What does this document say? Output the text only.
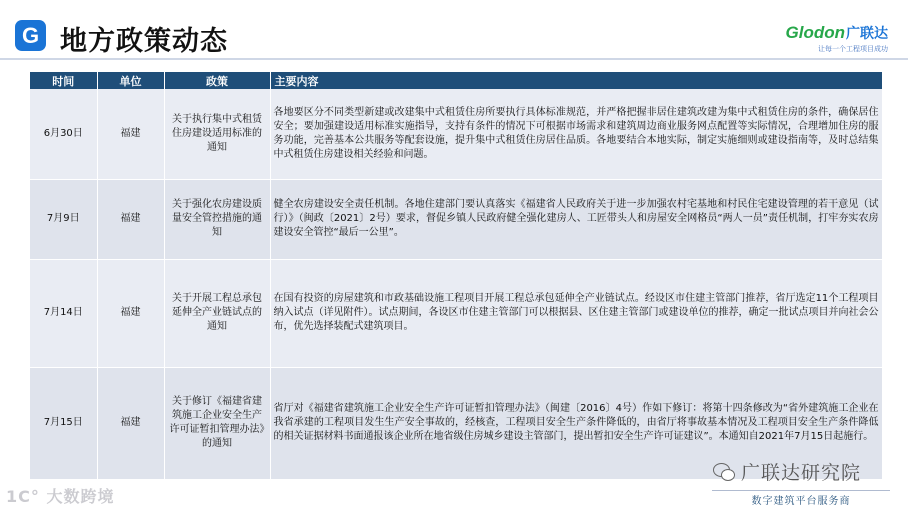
G 地方政策动态	Glodon广联达
让每一个工程项目成功
时间	单位	政策	主要内容
6月30日	福建	关于执行集中式租赁住房建设适用标准的通知	各地要区分不同类型新建或改建集中式租赁住房所要执行具体标准规范，并严格把握非居住建筑改建为集中式租赁住房的条件，确保居住安全；要加强建设适用标准实施指导，支持有条件的情况下可根据市场需求和建筑周边商业服务网点配置等实际情况，合理增加住房的服务功能，完善基本公共服务等配套设施，提升集中式租赁住房居住品质。各地要结合本地实际，制定实施细则或建设指南等，及时总结集中式租赁住房建设相关经验和问题。
7月9日	福建	关于强化农房建设质量安全管控措施的通知	健全农房建设安全责任机制。各地住建部门要认真落实《福建省人民政府关于进一步加强农村宅基地和村民住宅建设管理的若干意见（试行）》（闽政〔2021〕2号）要求，督促乡镇人民政府健全强化建房人、工匠带头人和房屋安全网格员“两人一员”责任机制，打牢夯实农房建设安全管控“最后一公里”。
7月14日	福建	关于开展工程总承包延伸全产业链试点的通知	在国有投资的房屋建筑和市政基础设施工程项目开展工程总承包延伸全产业链试点。经设区市住建主管部门推荐，省厅选定11个工程项目纳入试点（详见附件）。试点期间，各设区市住建主管部门可以根据县、区住建主管部门或建设单位的推荐，确定一批试点项目并向社会公布，优先选择装配式建筑项目。
7月15日	福建	关于修订《福建省建筑施工企业安全生产许可证暂扣管理办法》的通知	省厅对《福建省建筑施工企业安全生产许可证暂扣管理办法》（闽建〔2016〕4号）作如下修订：将第十四条修改为“省外建筑施工企业在我省承建的工程项目发生生产安全事故的，经核查，工程项目安全生产条件降低的，由省厅将事故基本情况及工程项目安全生产条件降低的相关证据材料书面通报该企业所在地省级住房城乡建设主管部门，提出暂扣安全生产许可证建议”。本通知自2021年7月15日起施行。
1C° 大数跨境
广联达研究院
数字建筑平台服务商
